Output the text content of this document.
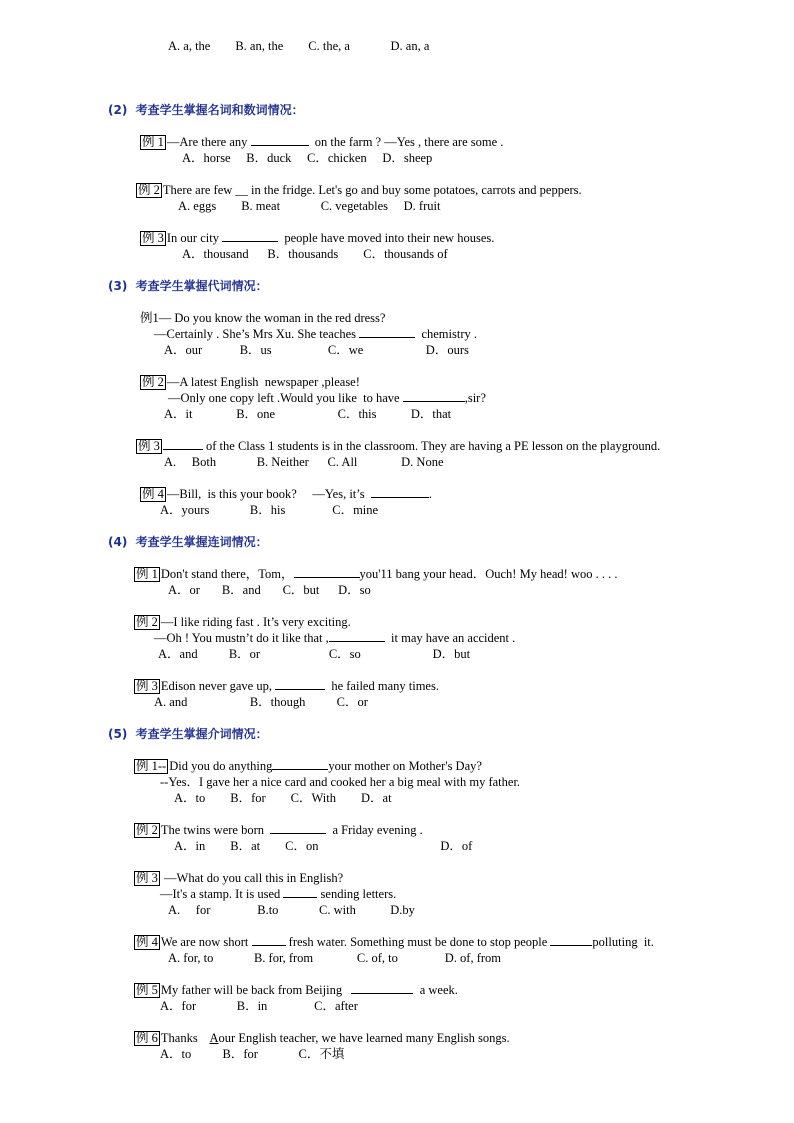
A. a, the        B. an, the        C. the, a             D. an, a
(2)  考查学生掌握名词和数词情况：
例 1 —Are there any	on the farm ? —Yes , there are some .
A．horse     B．duck     C．chicken     D．sheep
例 2 There are few __ in the fridge. Let's go and buy some potatoes, carrots and peppers.
A. eggs        B. meat             C. vegetables     D. fruit
例 3 In our city	people have moved into their new houses.
A．thousand      B．thousands        C．thousands of
(3)  考查学生掌握代词情况：
例1— Do you know the woman in the red dress?
—Certainly . She’s Mrs Xu. She teaches	chemistry .
A．our            B．us                  C．we                    D．ours
例 2 —A latest English  newspaper ,please!
—Only one copy left .Would you like  to have	,sir?
A．it              B．one                    C．this           D．that
例 3	of the Class 1 students is in the classroom. They are having a PE lesson on the playground.
A.     Both             B. Neither      C. All              D. None
例 4 —Bill,  is this your book?     —Yes, it’s	.
A．yours             B．his               C．mine
(4)  考查学生掌握连词情况：
例 1 Don't stand there，Tom，	you'11 bang your head．Ouch! My head! woo . . . .
A．or       B．and       C．but      D．so
例 2 —I like riding fast . It’s very exciting.
—Oh ! You mustn’t do it like that ,	it may have an accident .
A．and          B．or                      C．so                       D．but
例 3 Edison never gave up,	he failed many times.
A. and                    B．though          C．or
(5)  考查学生掌握介词情况：
例 1-- Did you do anything	your mother on Mother's Day?
--Yes．I gave her a nice card and cooked her a big meal with my father.
A．to        B．for        C．With        D．at
例 2 The twins were born	a Friday evening .
A．in        B．at        C．on                                       D．of
例 3 —What do you call this in English?
—It's a stamp. It is used	sending letters.
A.     for               B.to             C. with           D.by
例 4 We are now short	fresh water. Something must be done to stop people	polluting  it.
A. for, to             B. for, from              C. of, to               D. of, from
例 5 My father will be back from Beijing	a week.
A．for             B．in               C．after
例 6 Thanks    Aour English teacher, we have learned many English songs.
A．to          B．for             C．不填
